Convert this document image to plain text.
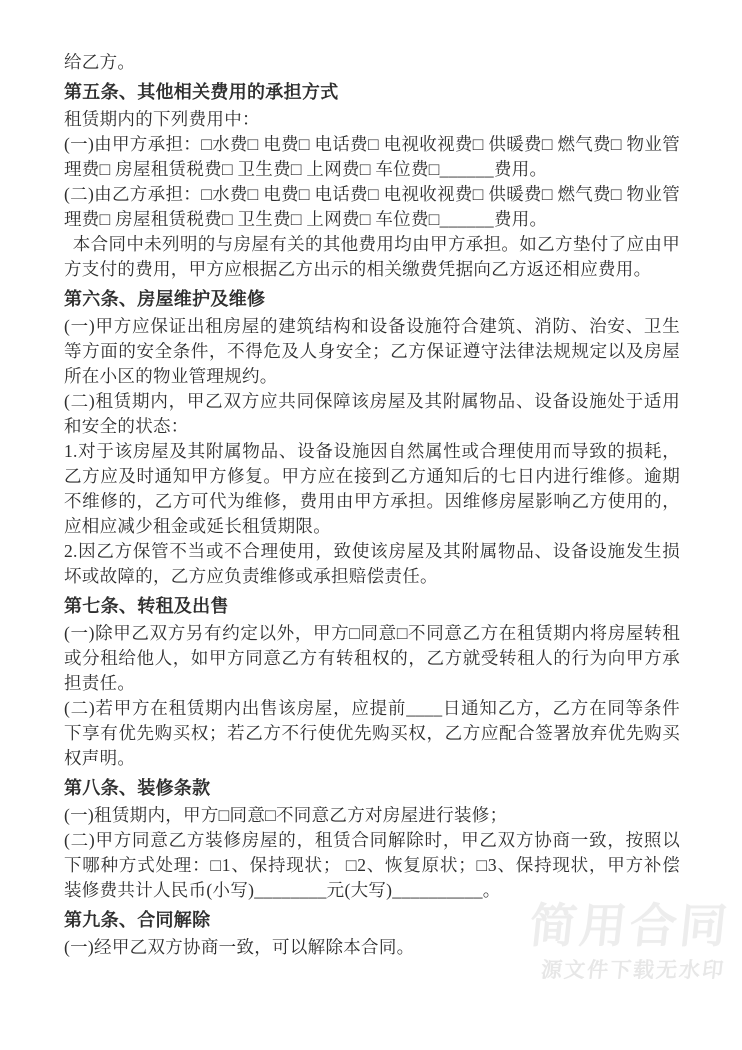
给乙方。

第五条、其他相关费用的承担方式

租赁期内的下列费用中：

(一)由甲方承担：□水费□ 电费□ 电话费□ 电视收视费□ 供暖费□ 燃气费□ 物业管理费□ 房屋租赁税费□ 卫生费□ 上网费□ 车位费□______费用。

(二)由乙方承担：□水费□ 电费□ 电话费□ 电视收视费□ 供暖费□ 燃气费□ 物业管理费□ 房屋租赁税费□ 卫生费□ 上网费□ 车位费□______费用。

本合同中未列明的与房屋有关的其他费用均由甲方承担。如乙方垫付了应由甲方支付的费用，甲方应根据乙方出示的相关缴费凭据向乙方返还相应费用。

第六条、房屋维护及维修

(一)甲方应保证出租房屋的建筑结构和设备设施符合建筑、消防、治安、卫生等方面的安全条件，不得危及人身安全；乙方保证遵守法律法规规定以及房屋所在小区的物业管理规约。

(二)租赁期内，甲乙双方应共同保障该房屋及其附属物品、设备设施处于适用和安全的状态：

1.对于该房屋及其附属物品、设备设施因自然属性或合理使用而导致的损耗，乙方应及时通知甲方修复。甲方应在接到乙方通知后的七日内进行维修。逾期不维修的，乙方可代为维修，费用由甲方承担。因维修房屋影响乙方使用的，应相应减少租金或延长租赁期限。

2.因乙方保管不当或不合理使用，致使该房屋及其附属物品、设备设施发生损坏或故障的，乙方应负责维修或承担赔偿责任。

第七条、转租及出售

(一)除甲乙双方另有约定以外，甲方□同意□不同意乙方在租赁期内将房屋转租或分租给他人，如甲方同意乙方有转租权的，乙方就受转租人的行为向甲方承担责任。

(二)若甲方在租赁期内出售该房屋，应提前____日通知乙方，乙方在同等条件下享有优先购买权；若乙方不行使优先购买权，乙方应配合签署放弃优先购买权声明。

第八条、装修条款

(一)租赁期内，甲方□同意□不同意乙方对房屋进行装修；

(二)甲方同意乙方装修房屋的，租赁合同解除时，甲乙双方协商一致，按照以下哪种方式处理：□1、保持现状； □2、恢复原状；□3、保持现状，甲方补偿装修费共计人民币(小写)________元(大写)__________。

第九条、合同解除

(一)经甲乙双方协商一致，可以解除本合同。	简用合同
源文件下载无水印
